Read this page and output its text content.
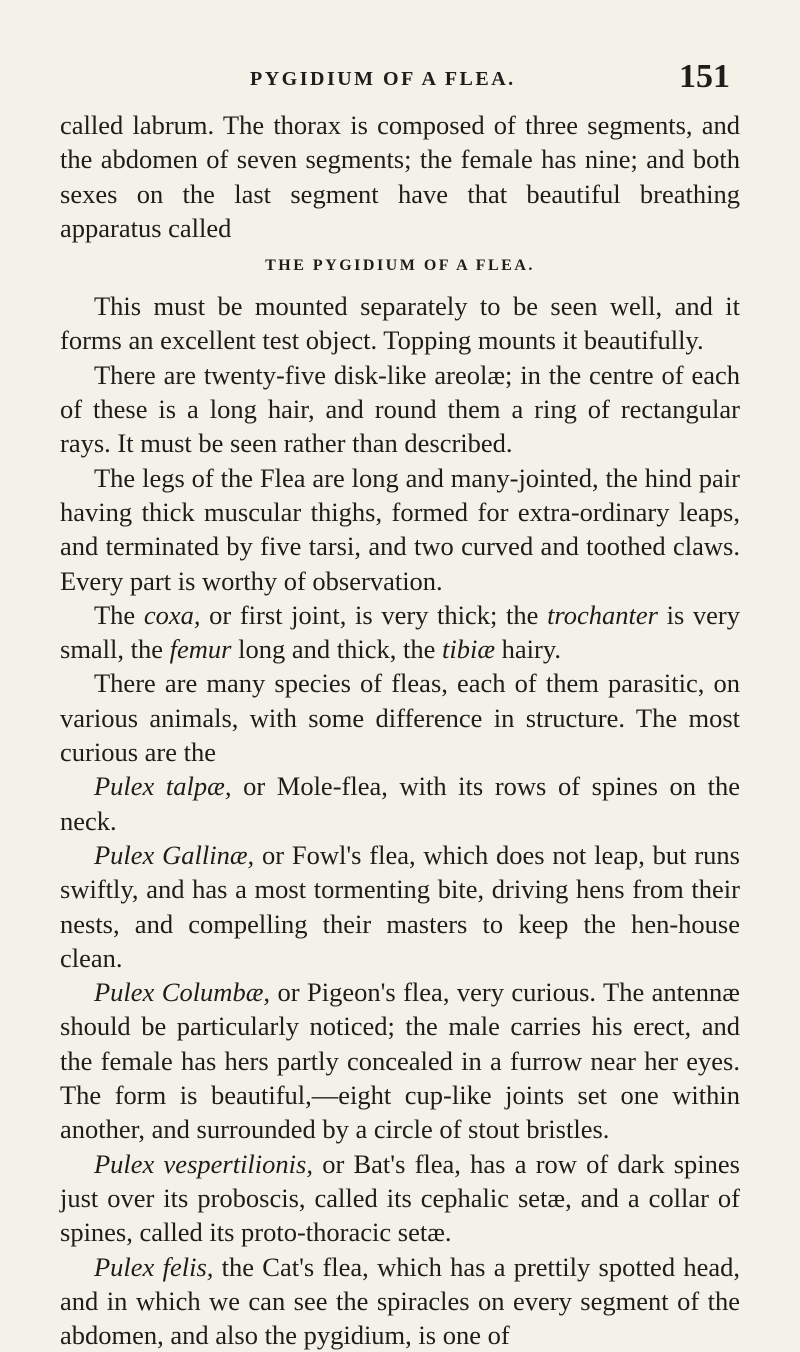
PYGIDIUM OF A FLEA.	151

called labrum. The thorax is composed of three segments, and the abdomen of seven segments; the female has nine; and both sexes on the last segment have that beautiful breathing apparatus called

THE PYGIDIUM OF A FLEA.

This must be mounted separately to be seen well, and it forms an excellent test object. Topping mounts it beautifully.

There are twenty-five disk-like areolæ; in the centre of each of these is a long hair, and round them a ring of rectangular rays. It must be seen rather than described.

The legs of the Flea are long and many-jointed, the hind pair having thick muscular thighs, formed for extra-ordinary leaps, and terminated by five tarsi, and two curved and toothed claws. Every part is worthy of observation.

The coxa, or first joint, is very thick; the trochanter is very small, the femur long and thick, the tibiæ hairy.

There are many species of fleas, each of them parasitic, on various animals, with some difference in structure. The most curious are the

Pulex talpæ, or Mole-flea, with its rows of spines on the neck.

Pulex Gallinæ, or Fowl's flea, which does not leap, but runs swiftly, and has a most tormenting bite, driving hens from their nests, and compelling their masters to keep the hen-house clean.

Pulex Columbæ, or Pigeon's flea, very curious. The antennæ should be particularly noticed; the male carries his erect, and the female has hers partly concealed in a furrow near her eyes. The form is beautiful,—eight cup-like joints set one within another, and surrounded by a circle of stout bristles.

Pulex vespertilionis, or Bat's flea, has a row of dark spines just over its proboscis, called its cephalic setæ, and a collar of spines, called its proto-thoracic setæ.

Pulex felis, the Cat's flea, which has a prettily spotted head, and in which we can see the spiracles on every segment of the abdomen, and also the pygidium, is one of
